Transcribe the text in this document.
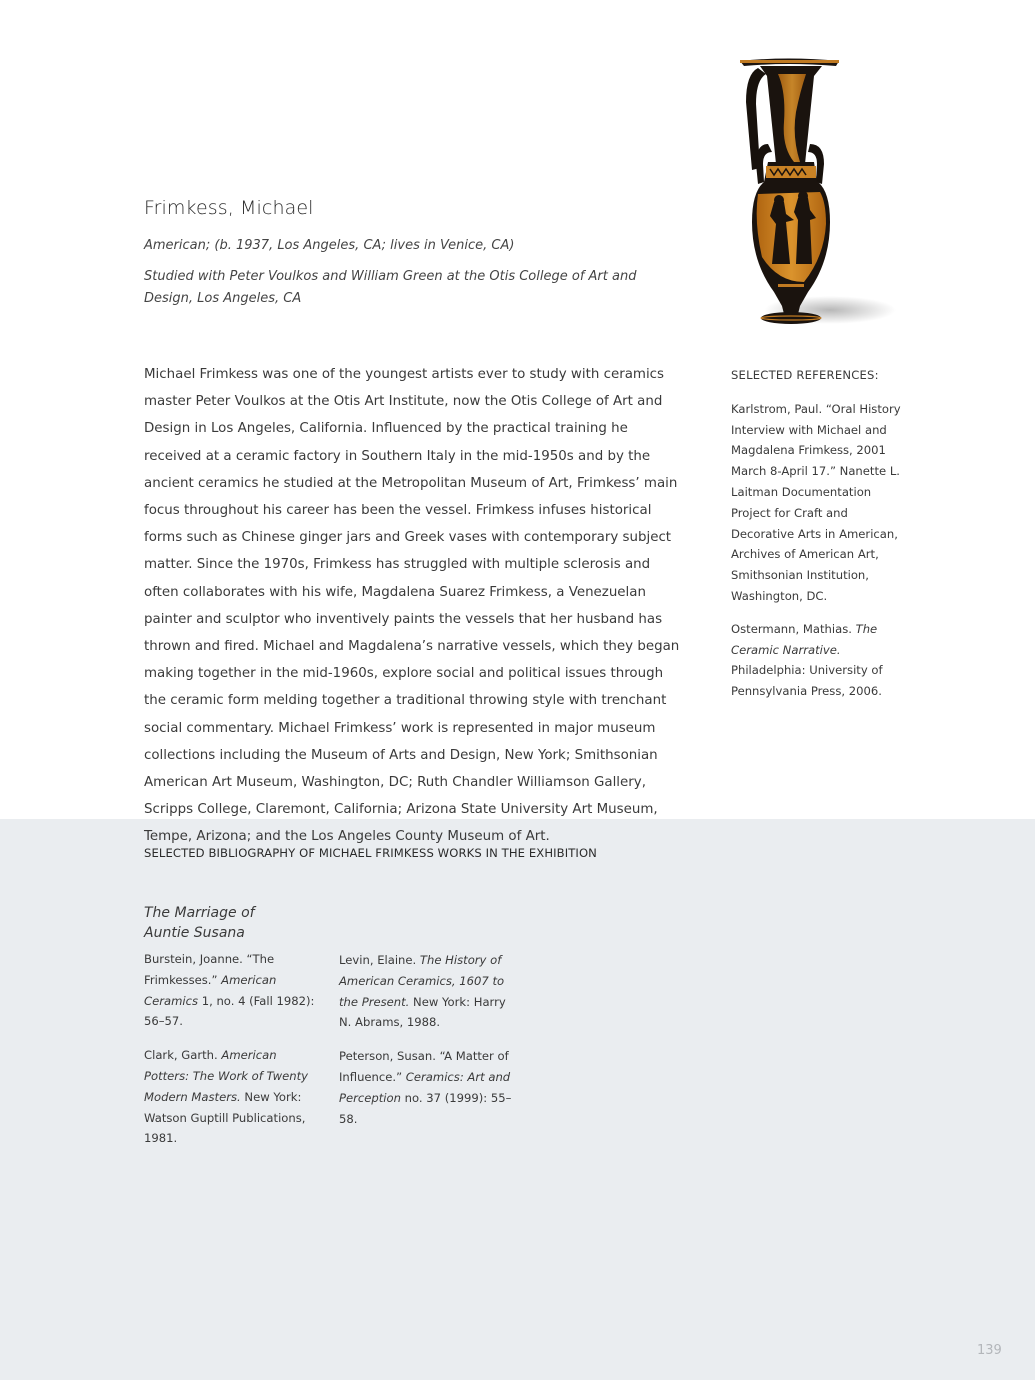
Frimkess, Michael

American; (b. 1937, Los Angeles, CA; lives in Venice, CA)

Studied with Peter Voulkos and William Green at the Otis College of Art and Design, Los Angeles, CA

Michael Frimkess was one of the youngest artists ever to study with ceramics master Peter Voulkos at the Otis Art Institute, now the Otis College of Art and Design in Los Angeles, California. Influenced by the practical training he received at a ceramic factory in Southern Italy in the mid-1950s and by the ancient ceramics he studied at the Metropolitan Museum of Art, Frimkess’ main focus throughout his career has been the vessel. Frimkess infuses historical forms such as Chinese ginger jars and Greek vases with contemporary subject matter. Since the 1970s, Frimkess has struggled with multiple sclerosis and often collaborates with his wife, Magdalena Suarez Frimkess, a Venezuelan painter and sculptor who inventively paints the vessels that her husband has thrown and fired. Michael and Magdalena’s narrative vessels, which they began making together in the mid-1960s, explore social and political issues through the ceramic form melding together a traditional throwing style with trenchant social commentary. Michael Frimkess’ work is represented in major museum collections including the Museum of Arts and Design, New York; Smithsonian American Art Museum, Washington, DC; Ruth Chandler Williamson Gallery, Scripps College, Claremont, California; Arizona State University Art Museum, Tempe, Arizona; and the Los Angeles County Museum of Art.

SELECTED REFERENCES:

Karlstrom, Paul. “Oral History Interview with Michael and Magdalena Frimkess, 2001 March 8-April 17.” Nanette L. Laitman Documentation Project for Craft and Decorative Arts in American, Archives of American Art, Smithsonian Institution, Washington, DC.

Ostermann, Mathias. The Ceramic Narrative. Philadelphia: University of Pennsylvania Press, 2006.

SELECTED BIBLIOGRAPHY OF MICHAEL FRIMKESS WORKS IN THE EXHIBITION
The Marriage of Auntie Susana

Burstein, Joanne. “The Frimkesses.” American Ceramics 1, no. 4 (Fall 1982): 56–57.

Clark, Garth. American Potters: The Work of Twenty Modern Masters. New York: Watson Guptill Publications, 1981.

Levin, Elaine. The History of American Ceramics, 1607 to the Present. New York: Harry N. Abrams, 1988.

Peterson, Susan. “A Matter of Influence.” Ceramics: Art and Perception no. 37 (1999): 55–58.

139
